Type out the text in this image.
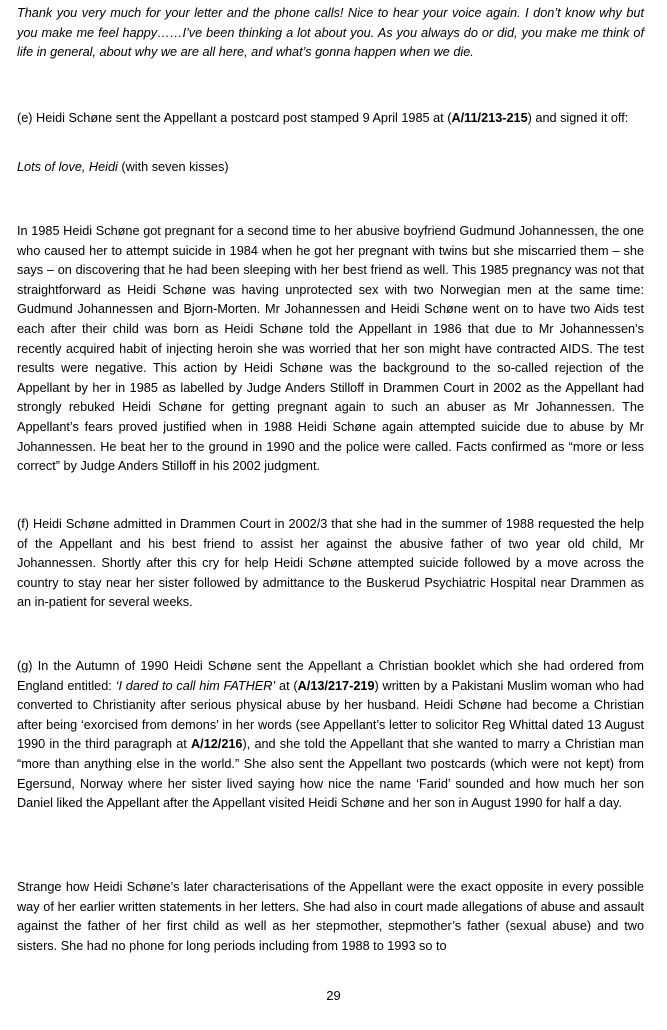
Thank you very much for your letter and the phone calls! Nice to hear your voice again. I don’t know why but you make me feel happy……I’ve been thinking a lot about you. As you always do or did, you make me think of life in general, about why we are all here, and what’s gonna happen when we die.

(e) Heidi Schøne sent the Appellant a postcard post stamped 9 April 1985 at (A/11/213-215) and signed it off:

Lots of love, Heidi (with seven kisses)

In 1985 Heidi Schøne got pregnant for a second time to her abusive boyfriend Gudmund Johannessen, the one who caused her to attempt suicide in 1984 when he got her pregnant with twins but she miscarried them – she says – on discovering that he had been sleeping with her best friend as well. This 1985 pregnancy was not that straightforward as Heidi Schøne was having unprotected sex with two Norwegian men at the same time: Gudmund Johannessen and Bjorn-Morten. Mr Johannessen and Heidi Schøne went on to have two Aids test each after their child was born as Heidi Schøne told the Appellant in 1986 that due to Mr Johannessen’s recently acquired habit of injecting heroin she was worried that her son might have contracted AIDS. The test results were negative. This action by Heidi Schøne was the background to the so-called rejection of the Appellant by her in 1985 as labelled by Judge Anders Stilloff in Drammen Court in 2002 as the Appellant had strongly rebuked Heidi Schøne for getting pregnant again to such an abuser as Mr Johannessen. The Appellant’s fears proved justified when in 1988 Heidi Schøne again attempted suicide due to abuse by Mr Johannessen. He beat her to the ground in 1990 and the police were called. Facts confirmed as “more or less correct” by Judge Anders Stilloff in his 2002 judgment.

(f) Heidi Schøne admitted in Drammen Court in 2002/3 that she had in the summer of 1988 requested the help of the Appellant and his best friend to assist her against the abusive father of two year old child, Mr Johannessen. Shortly after this cry for help Heidi Schøne attempted suicide followed by a move across the country to stay near her sister followed by admittance to the Buskerud Psychiatric Hospital near Drammen as an in-patient for several weeks.

(g) In the Autumn of 1990 Heidi Schøne sent the Appellant a Christian booklet which she had ordered from England entitled: ‘I dared to call him FATHER’ at (A/13/217-219) written by a Pakistani Muslim woman who had converted to Christianity after serious physical abuse by her husband. Heidi Schøne had become a Christian after being ‘exorcised from demons’ in her words (see Appellant’s letter to solicitor Reg Whittal dated 13 August 1990 in the third paragraph at A/12/216), and she told the Appellant that she wanted to marry a Christian man “more than anything else in the world.” She also sent the Appellant two postcards (which were not kept) from Egersund, Norway where her sister lived saying how nice the name ‘Farid’ sounded and how much her son Daniel liked the Appellant after the Appellant visited Heidi Schøne and her son in August 1990 for half a day.

Strange how Heidi Schøne’s later characterisations of the Appellant were the exact opposite in every possible way of her earlier written statements in her letters. She had also in court made allegations of abuse and assault against the father of her first child as well as her stepmother, stepmother’s father (sexual abuse) and two sisters. She had no phone for long periods including from 1988 to 1993 so to

29
